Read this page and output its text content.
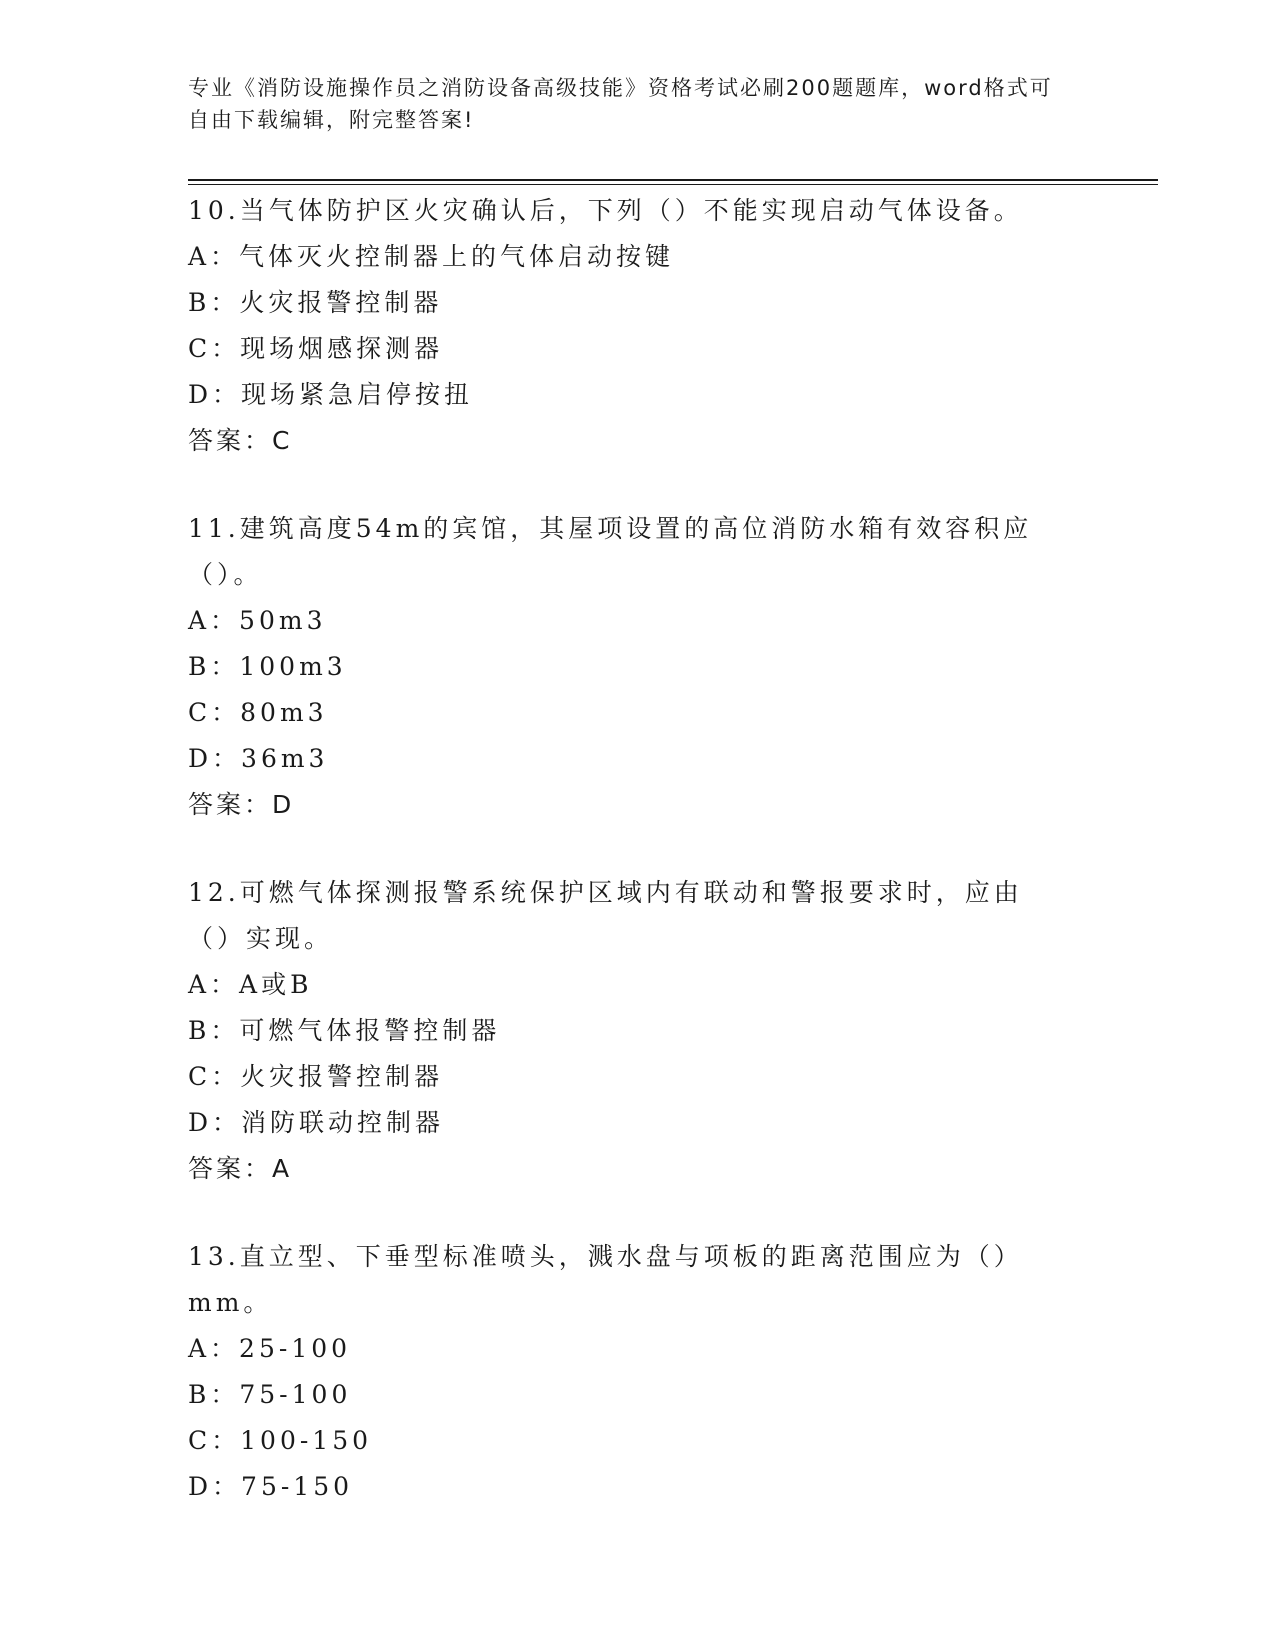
专业《消防设施操作员之消防设备高级技能》资格考试必刷200题题库，word格式可自由下载编辑，附完整答案!

10.当气体防护区火灾确认后，下列（）不能实现启动气体设备。

A：气体灭火控制器上的气体启动按键

B：火灾报警控制器

C：现场烟感探测器

D：现场紧急启停按扭

答案：C

11.建筑高度54m的宾馆，其屋项设置的高位消防水箱有效容积应（）。

A：50m3

B：100m3

C：80m3

D：36m3

答案：D

12.可燃气体探测报警系统保护区域内有联动和警报要求时，应由（）实现。

A：A或B

B：可燃气体报警控制器

C：火灾报警控制器

D：消防联动控制器

答案：A

13.直立型、下垂型标准喷头，溅水盘与项板的距离范围应为（）mm。

A：25-100

B：75-100

C：100-150

D：75-150
